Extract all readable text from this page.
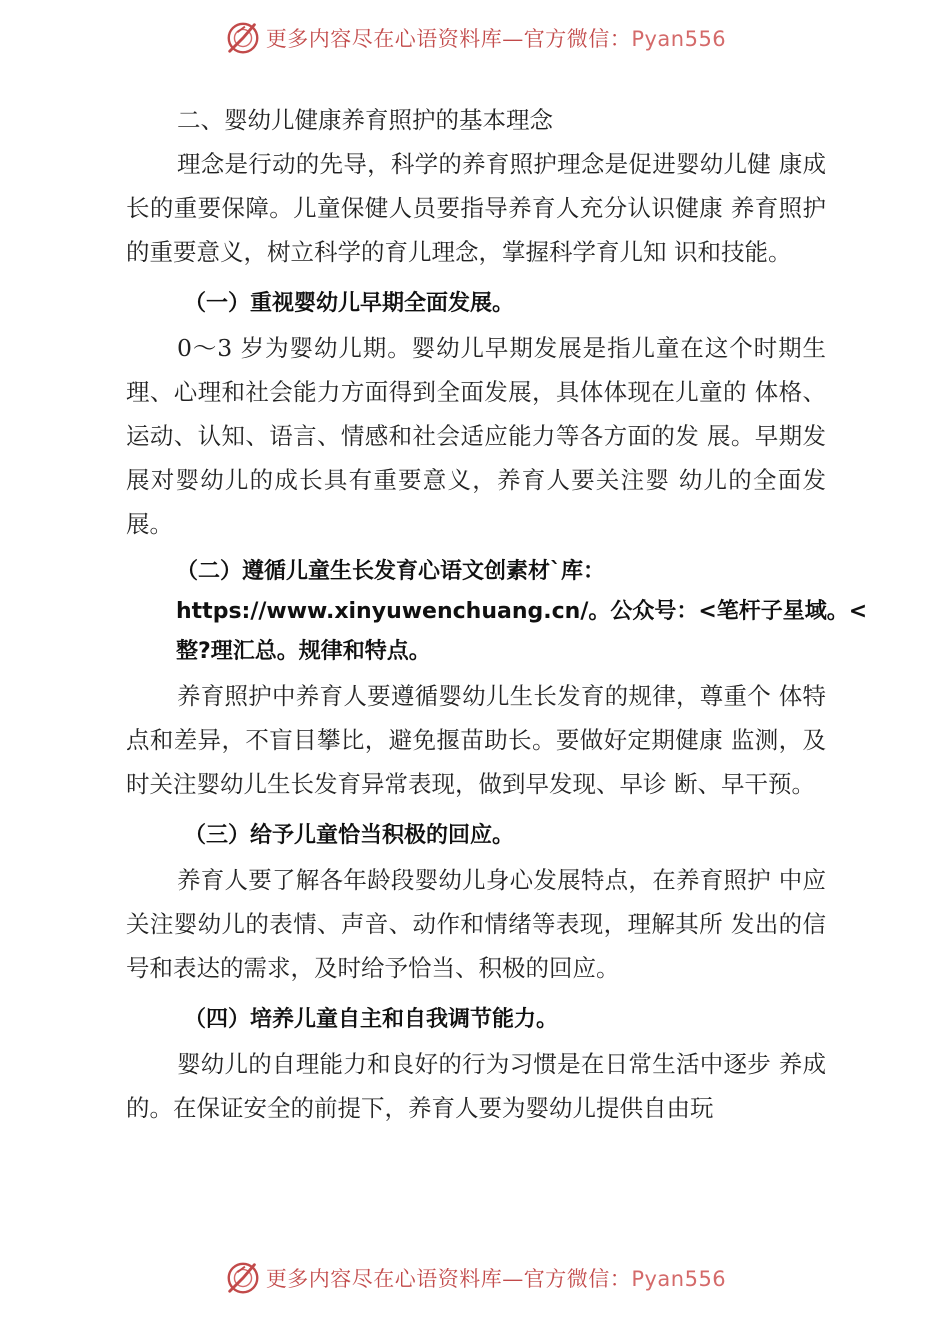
更多内容尽在心语资料库—官方微信：Pyan556

二、婴幼儿健康养育照护的基本理念

理念是行动的先导，科学的养育照护理念是促进婴幼儿健 康成长的重要保障。儿童保健人员要指导养育人充分认识健康 养育照护的重要意义，树立科学的育儿理念，掌握科学育儿知 识和技能。

（一）重视婴幼儿早期全面发展。

0～3 岁为婴幼儿期。婴幼儿早期发展是指儿童在这个时期生理、心理和社会能力方面得到全面发展，具体体现在儿童的 体格、运动、认知、语言、情感和社会适应能力等各方面的发 展。早期发展对婴幼儿的成长具有重要意义，养育人要关注婴 幼儿的全面发展。

（二）遵循儿童生长发育心语文创素材`库：https://www.xinyuwenchuang.cn/。公众号：<笔杆子星域。<整?理汇总。规律和特点。

养育照护中养育人要遵循婴幼儿生长发育的规律，尊重个 体特点和差异，不盲目攀比，避免揠苗助长。要做好定期健康 监测，及时关注婴幼儿生长发育异常表现，做到早发现、早诊 断、早干预。

（三）给予儿童恰当积极的回应。

养育人要了解各年龄段婴幼儿身心发展特点，在养育照护 中应关注婴幼儿的表情、声音、动作和情绪等表现，理解其所 发出的信号和表达的需求，及时给予恰当、积极的回应。

（四）培养儿童自主和自我调节能力。

婴幼儿的自理能力和良好的行为习惯是在日常生活中逐步 养成的。在保证安全的前提下，养育人要为婴幼儿提供自由玩

更多内容尽在心语资料库—官方微信：Pyan556
